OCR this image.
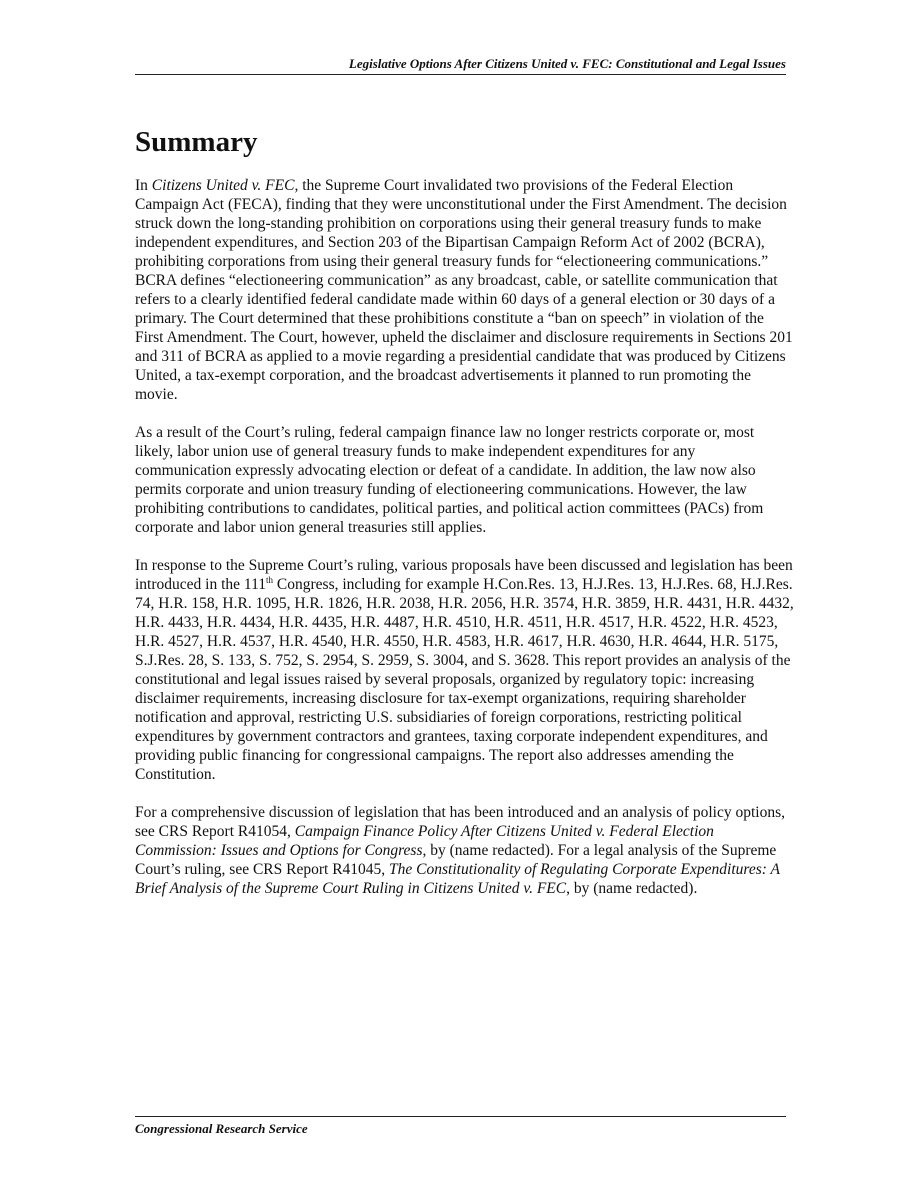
Legislative Options After Citizens United v. FEC: Constitutional and Legal Issues
Summary

In Citizens United v. FEC, the Supreme Court invalidated two provisions of the Federal Election Campaign Act (FECA), finding that they were unconstitutional under the First Amendment. The decision struck down the long-standing prohibition on corporations using their general treasury funds to make independent expenditures, and Section 203 of the Bipartisan Campaign Reform Act of 2002 (BCRA), prohibiting corporations from using their general treasury funds for “electioneering communications.” BCRA defines “electioneering communication” as any broadcast, cable, or satellite communication that refers to a clearly identified federal candidate made within 60 days of a general election or 30 days of a primary. The Court determined that these prohibitions constitute a “ban on speech” in violation of the First Amendment. The Court, however, upheld the disclaimer and disclosure requirements in Sections 201 and 311 of BCRA as applied to a movie regarding a presidential candidate that was produced by Citizens United, a tax-exempt corporation, and the broadcast advertisements it planned to run promoting the movie.

As a result of the Court’s ruling, federal campaign finance law no longer restricts corporate or, most likely, labor union use of general treasury funds to make independent expenditures for any communication expressly advocating election or defeat of a candidate. In addition, the law now also permits corporate and union treasury funding of electioneering communications. However, the law prohibiting contributions to candidates, political parties, and political action committees (PACs) from corporate and labor union general treasuries still applies.

In response to the Supreme Court’s ruling, various proposals have been discussed and legislation has been introduced in the 111th Congress, including for example H.Con.Res. 13, H.J.Res. 13, H.J.Res. 68, H.J.Res. 74, H.R. 158, H.R. 1095, H.R. 1826, H.R. 2038, H.R. 2056, H.R. 3574, H.R. 3859, H.R. 4431, H.R. 4432, H.R. 4433, H.R. 4434, H.R. 4435, H.R. 4487, H.R. 4510, H.R. 4511, H.R. 4517, H.R. 4522, H.R. 4523, H.R. 4527, H.R. 4537, H.R. 4540, H.R. 4550, H.R. 4583, H.R. 4617, H.R. 4630, H.R. 4644, H.R. 5175, S.J.Res. 28, S. 133, S. 752, S. 2954, S. 2959, S. 3004, and S. 3628. This report provides an analysis of the constitutional and legal issues raised by several proposals, organized by regulatory topic: increasing disclaimer requirements, increasing disclosure for tax-exempt organizations, requiring shareholder notification and approval, restricting U.S. subsidiaries of foreign corporations, restricting political expenditures by government contractors and grantees, taxing corporate independent expenditures, and providing public financing for congressional campaigns. The report also addresses amending the Constitution.

For a comprehensive discussion of legislation that has been introduced and an analysis of policy options, see CRS Report R41054, Campaign Finance Policy After Citizens United v. Federal Election Commission: Issues and Options for Congress, by (name redacted). For a legal analysis of the Supreme Court’s ruling, see CRS Report R41045, The Constitutionality of Regulating Corporate Expenditures: A Brief Analysis of the Supreme Court Ruling in Citizens United v. FEC, by (name redacted).

Congressional Research Service
